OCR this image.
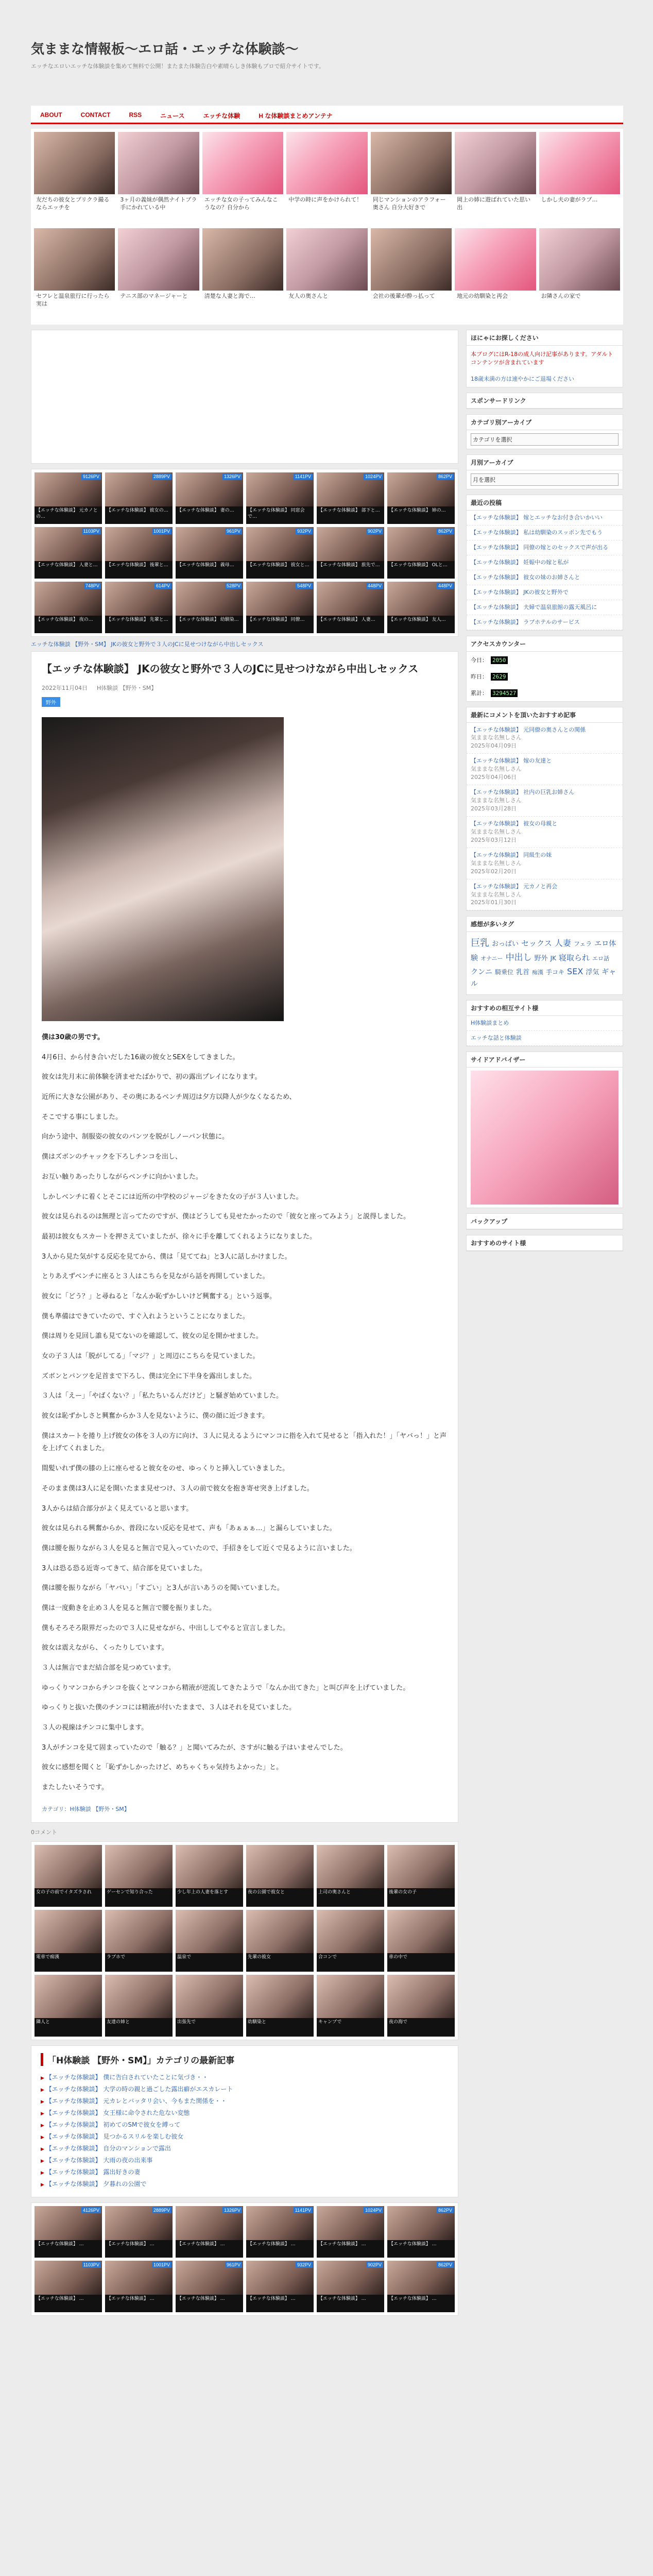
気ままな情報板〜エロ話・エッチな体験談〜
エッチなエロいエッチな体験談を集めて無料で公開！またまた体験告白や素晴らしき体験もブロで紹介サイトです。
ABOUT	CONTACT	RSS	ニュース	エッチな体験	H な体験談まとめアンテナ
友だちの彼女とプリクラ撮るならエッチを
3ヶ月の義妹が偶然ナイトブラ手にかれている中
エッチな女の子ってみんなこうなの？自分から
中学の時に声をかけられて！	同じマンションのアラフォー奥さん 自分大好きで
岡上の姉に遊ばれていた思い出
しかし夫の妻がラブ…
セフレと温泉旅行に行ったら実は
テニス部のマネージャーと	清楚な人妻と海で…	友人の奥さんと	会社の後輩が酔っ払って	地元の幼馴染と再会	お隣さんの家で
9126PV
【エッチな体験談】 元カノとの…
2889PV
【エッチな体験談】 彼女の…
1326PV
【エッチな体験談】 妻の…
1141PV
【エッチな体験談】 同窓会で…
1024PV
【エッチな体験談】 部下と…
862PV
【エッチな体験談】 姉の…
1103PV
【エッチな体験談】 人妻と…
1001PV
【エッチな体験談】 後輩と…
961PV
【エッチな体験談】 義母…
932PV
【エッチな体験談】 彼女と…
902PV
【エッチな体験談】 旅先で…
862PV
【エッチな体験談】 OLと…
748PV
【エッチな体験談】 夜の…
614PV
【エッチな体験談】 先輩と…
528PV
【エッチな体験談】 幼馴染…
548PV
【エッチな体験談】 同僚…
448PV
【エッチな体験談】 人妻…
448PV
【エッチな体験談】 友人…
エッチな体験談 【野外・SM】 JKの彼女と野外で３人のJCに見せつけながら中出しセックス
【エッチな体験談】 JKの彼女と野外で３人のJCに見せつけながら中出しセックス
2022年11月04日 H体験談 【野外・SM】
野外

僕は30歳の男です。

4月6日、から付き合いだした16歳の彼女とSEXをしてきました。

彼女は先月末に前体験を済ませたばかりで、初の露出プレイになります。

近所に大きな公園があり、その奥にあるベンチ周辺は夕方以降人が少なくなるため、

そこでする事にしました。

向かう途中、制服姿の彼女のパンツを脱がしノーパン状態に。

僕はズボンのチャックを下ろしチンコを出し、

お互い触りあったりしながらベンチに向かいました。

しかしベンチに着くとそこには近所の中学校のジャージをきた女の子が３人いました。

彼女は見られるのは無理と言ってたのですが、僕はどうしても見せたかったので「彼女と座ってみよう」と説得しました。

最初は彼女もスカートを押さえていましたが、徐々に手を離してくれるようになりました。

3人から見た気がする反応を見てから、僕は「見ててね」と3人に話しかけました。

とりあえずベンチに座ると３人はこちらを見ながら話を再開していました。

彼女に「どう？」と尋ねると「なんか恥ずかしいけど興奮する」という返事。

僕も準備はできていたので、すぐ入れようということになりました。

僕は周りを見回し誰も見てないのを確認して、彼女の足を開かせました。

女の子３人は「脱がしてる」「マジ？」と周辺にこちらを見ていました。

ズボンとパンツを足首まで下ろし、僕は完全に下半身を露出しました。

３人は「えー」「やばくない？」「私たちいるんだけど」と騒ぎ始めていました。

彼女は恥ずかしさと興奮からか３人を見ないように、僕の顔に近づきます。

僕はスカートを捲り上げ彼女の体を３人の方に向け、３人に見えるようにマンコに指を入れて見せると「指入れた！」「ヤバっ！」と声を上げてくれました。

間髪いれず僕の膝の上に座らせると彼女をのせ、ゆっくりと挿入していきました。

そのまま僕は3人に足を開いたまま見せつけ、３人の前で彼女を抱き寄せ突き上げました。

3人からは結合部分がよく見えていると思います。

彼女は見られる興奮からか、普段にない反応を見せて、声も「あぁぁぁ…」と漏らしていました。

僕は腰を振りながら３人を見ると無言で見入っていたので、手招きをして近くで見るように言いました。

3人は恐る恐る近寄ってきて、結合部を見ていました。

僕は腰を振りながら「ヤバい」「すごい」と3人が言いあうのを聞いていました。

僕は一度動きを止め３人を見ると無言で腰を振りました。

僕もそろそろ限界だったので３人に見せながら、中出ししてやると宣言しました。

彼女は震えながら、くったりしています。

３人は無言でまだ結合部を見つめています。

ゆっくりマンコからチンコを抜くとマンコから精液が逆流してきたようで「なんか出てきた」と叫び声を上げていました。

ゆっくりと抜いた僕のチンコには精液が付いたままで、３人はそれを見ていました。

３人の視線はチンコに集中します。

3人がチンコを見て固まっていたので「触る？」と聞いてみたが、さすがに触る子はいませんでした。

彼女に感想を聞くと「恥ずかしかったけど、めちゃくちゃ気持ちよかった」と。

またしたいそうです。

カテゴリ：H体験談 【野外・SM】
0コメント
女の子の前でイタズラされ	ゲーセンで知り合った	少し年上の人妻を落とす	夜の公園で彼女と	上司の奥さんと	後輩の女の子
電車で痴漢	ラブホで	温泉で	先輩の彼女	合コンで	車の中で
隣人と	友達の姉と	出張先で	幼馴染と	キャンプで	夜の海で
「H体験談 【野外・SM】」カテゴリの最新記事
▶ 【エッチな体験談】 僕に告白されていたことに気づき・・
▶ 【エッチな体験談】 大学の時の親と過ごした露出癖がエスカレート
▶ 【エッチな体験談】 元カレとバッタリ会い、今もまた関係を・・
▶ 【エッチな体験談】 女王様に命令された危ない変態
▶ 【エッチな体験談】 初めてのSMで彼女を縛って
▶ 【エッチな体験談】 見つかるスリルを楽しむ彼女
▶ 【エッチな体験談】 自分のマンションで露出
▶ 【エッチな体験談】 大雨の夜の出来事
▶ 【エッチな体験談】 露出好きの妻
▶ 【エッチな体験談】 夕暮れの公園で
4126PV
【エッチな体験談】 …
2889PV
【エッチな体験談】 …
1326PV
【エッチな体験談】 …
1141PV
【エッチな体験談】 …
1024PV
【エッチな体験談】 …
862PV
【エッチな体験談】 …
1103PV
【エッチな体験談】 …
1001PV
【エッチな体験談】 …
961PV
【エッチな体験談】 …
932PV
【エッチな体験談】 …
902PV
【エッチな体験談】 …
862PV
【エッチな体験談】 …
ほにゃにお探しください
本ブログにはR-18の成人向け記事があります。アダルトコンテンツが含まれています
18歳未満の方は速やかにご退場ください
スポンサードリンク
カテゴリ別アーカイブ
カテゴリを選択
月別アーカイブ
月を選択
最近の投稿
【エッチな体験談】 嫁とエッチなお付き合いかいい
【エッチな体験談】 私は幼馴染のスッポン先でもう
【エッチな体験談】 同僚の嫁とのセックスで声が出る
【エッチな体験談】 妊娠中の嫁と私が
【エッチな体験談】 彼女の妹のお姉さんと
【エッチな体験談】 JKの彼女と野外で
【エッチな体験談】 夫婦で温泉旅館の露天風呂に
【エッチな体験談】 ラブホテルのサービス
アクセスカウンター
今日： 2050
昨日： 2629
累計： 3294527
最新にコメントを頂いたおすすめ記事
【エッチな体験談】 元同僚の奥さんとの関係
気ままな名無しさん
2025年04月09日
【エッチな体験談】 嫁の友達と
気ままな名無しさん
2025年04月06日
【エッチな体験談】 社内の巨乳お姉さん
気ままな名無しさん
2025年03月28日
【エッチな体験談】 彼女の母親と
気ままな名無しさん
2025年03月12日
【エッチな体験談】 同級生の妹
気ままな名無しさん
2025年02月20日
【エッチな体験談】 元カノと再会
気ままな名無しさん
2025年01月30日
感想が多いタグ
巨乳 おっぱい セックス 人妻 フェラ エロ体験 オナニー 中出し 野外 JK 寝取られ エロ話クンニ 騎乗位 乳首 痴漢 手コキ SEX 浮気 ギャル
おすすめの相互サイト様
H体験談まとめ
エッチな話と体験談
サイドアドバイザー
バックアップ
おすすめのサイト様
